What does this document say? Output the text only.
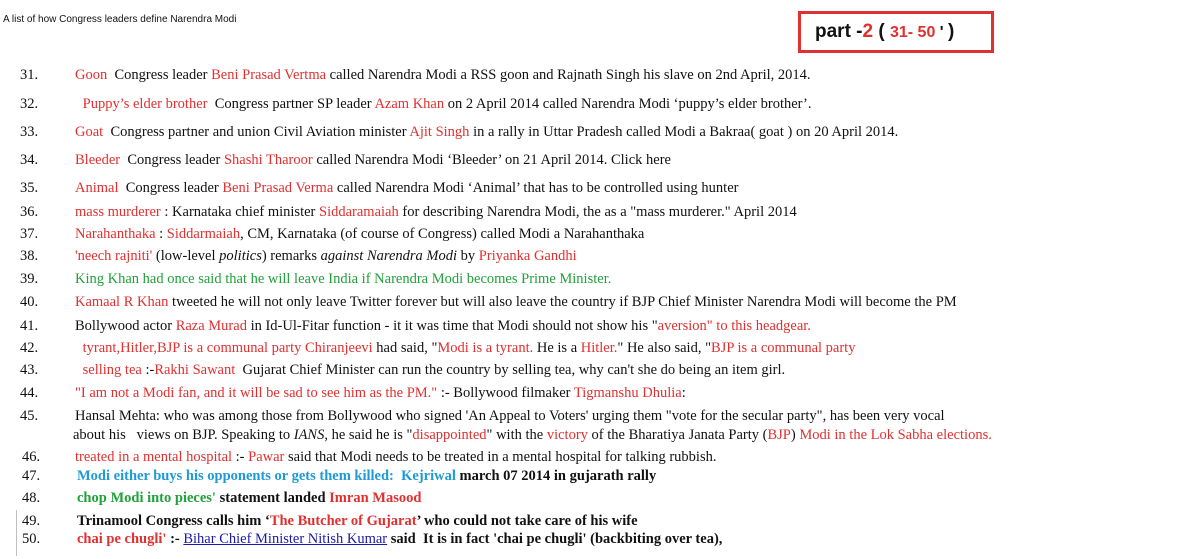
A list of how Congress leaders define Narendra Modi
part -2 ( 31- 50 ' )
31.	Goon  Congress leader Beni Prasad Vertma called Narendra Modi a RSS goon and Rajnath Singh his slave on 2nd April, 2014.
32.	Puppy’s elder brother  Congress partner SP leader Azam Khan on 2 April 2014 called Narendra Modi ‘puppy’s elder brother’.
33.	Goat  Congress partner and union Civil Aviation minister Ajit Singh in a rally in Uttar Pradesh called Modi a Bakraa( goat ) on 20 April 2014.
34.	Bleeder  Congress leader Shashi Tharoor called Narendra Modi ‘Bleeder’ on 21 April 2014. Click here
35.	Animal  Congress leader Beni Prasad Verma called Narendra Modi ‘Animal’ that has to be controlled using hunter
36.	mass murderer : Karnataka chief minister Siddaramaiah for describing Narendra Modi, the as a "mass murderer." April 2014
37.	Narahanthaka : Siddarmaiah, CM, Karnataka (of course of Congress) called Modi a Narahanthaka
38.	'neech rajniti' (low-level politics) remarks against Narendra Modi by Priyanka Gandhi
39.	King Khan had once said that he will leave India if Narendra Modi becomes Prime Minister.
40.	Kamaal R Khan tweeted he will not only leave Twitter forever but will also leave the country if BJP Chief Minister Narendra Modi will become the PM
41.	Bollywood actor Raza Murad in Id-Ul-Fitar function - it it was time that Modi should not show his "aversion" to this headgear.
42.	tyrant,Hitler,BJP is a communal party Chiranjeevi had said, "Modi is a tyrant. He is a Hitler." He also said, "BJP is a communal party
43.	selling tea :-Rakhi Sawant  Gujarat Chief Minister can run the country by selling tea, why can't she do being an item girl.
44.	"I am not a Modi fan, and it will be sad to see him as the PM." :- Bollywood filmaker Tigmanshu Dhulia:
45.	Hansal Mehta: who was among those from Bollywood who signed 'An Appeal to Voters' urging them "vote for the secular party", has been very vocal
about his   views on BJP. Speaking to IANS, he said he is "disappointed" with the victory of the Bharatiya Janata Party (BJP) Modi in the Lok Sabha elections.
46.	treated in a mental hospital :- Pawar said that Modi needs to be treated in a mental hospital for talking rubbish.
47.	Modi either buys his opponents or gets them killed: Kejriwal march 07 2014 in gujarath rally
48.	chop Modi into pieces' statement landed Imran Masood
49.	Trinamool Congress calls him ‘The Butcher of Gujarat’ who could not take care of his wife
50.	chai pe chugli' :- Bihar Chief Minister Nitish Kumar said  It is in fact 'chai pe chugli' (backbiting over tea),
